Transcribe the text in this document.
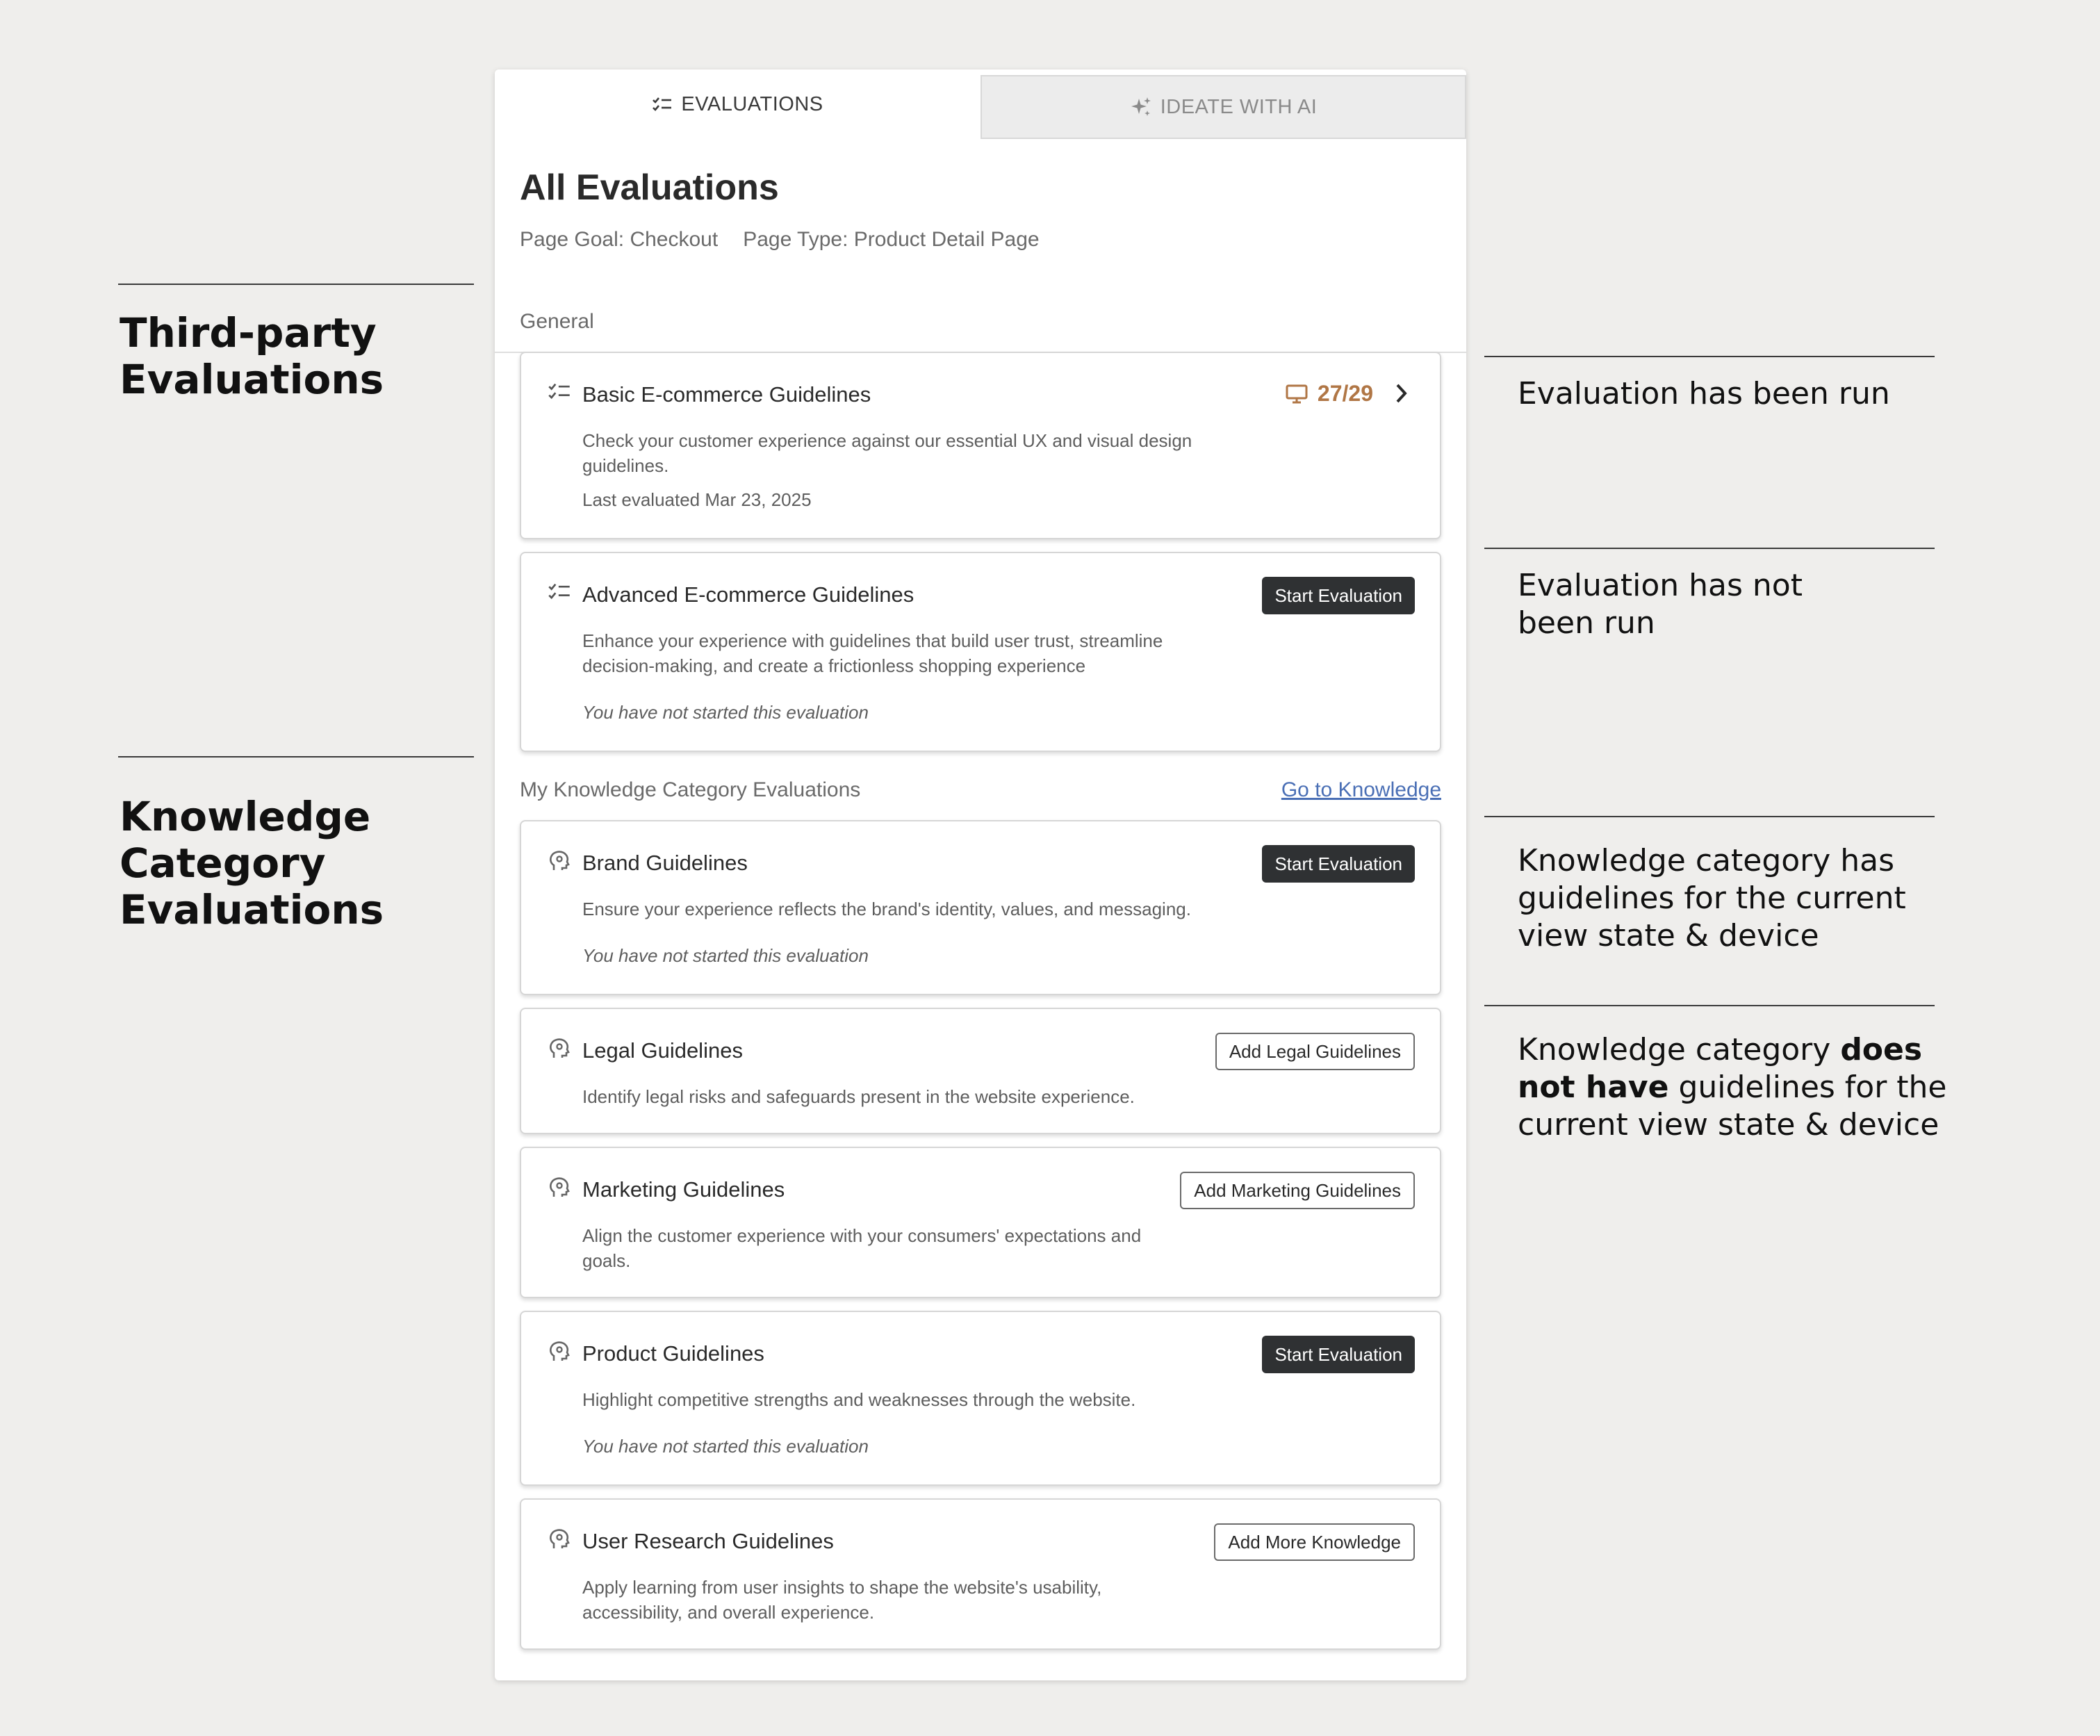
Third-party
Evaluations
Knowledge
Category
Evaluations
Evaluation has been run
Evaluation has not
been run
Knowledge category has
guidelines for the current
view state & device
Knowledge category does
not have guidelines for the
current view state & device
EVALUATIONS	IDEATE WITH AI
All Evaluations
Page Goal: Checkout Page Type: Product Detail Page
General
Basic E-commerce Guidelines	27/29
Check your customer experience against our essential UX and visual design guidelines.
Last evaluated Mar 23, 2025
Advanced E-commerce Guidelines	Start Evaluation
Enhance your experience with guidelines that build user trust, streamline decision-making, and create a frictionless shopping experience
You have not started this evaluation
My Knowledge Category Evaluations	Go to Knowledge
Brand Guidelines	Start Evaluation
Ensure your experience reflects the brand's identity, values, and messaging.
You have not started this evaluation
Legal Guidelines	Add Legal Guidelines
Identify legal risks and safeguards present in the website experience.
Marketing Guidelines	Add Marketing Guidelines
Align the customer experience with your consumers' expectations and goals.
Product Guidelines	Start Evaluation
Highlight competitive strengths and weaknesses through the website.
You have not started this evaluation
User Research Guidelines	Add More Knowledge
Apply learning from user insights to shape the website's usability, accessibility, and overall experience.
